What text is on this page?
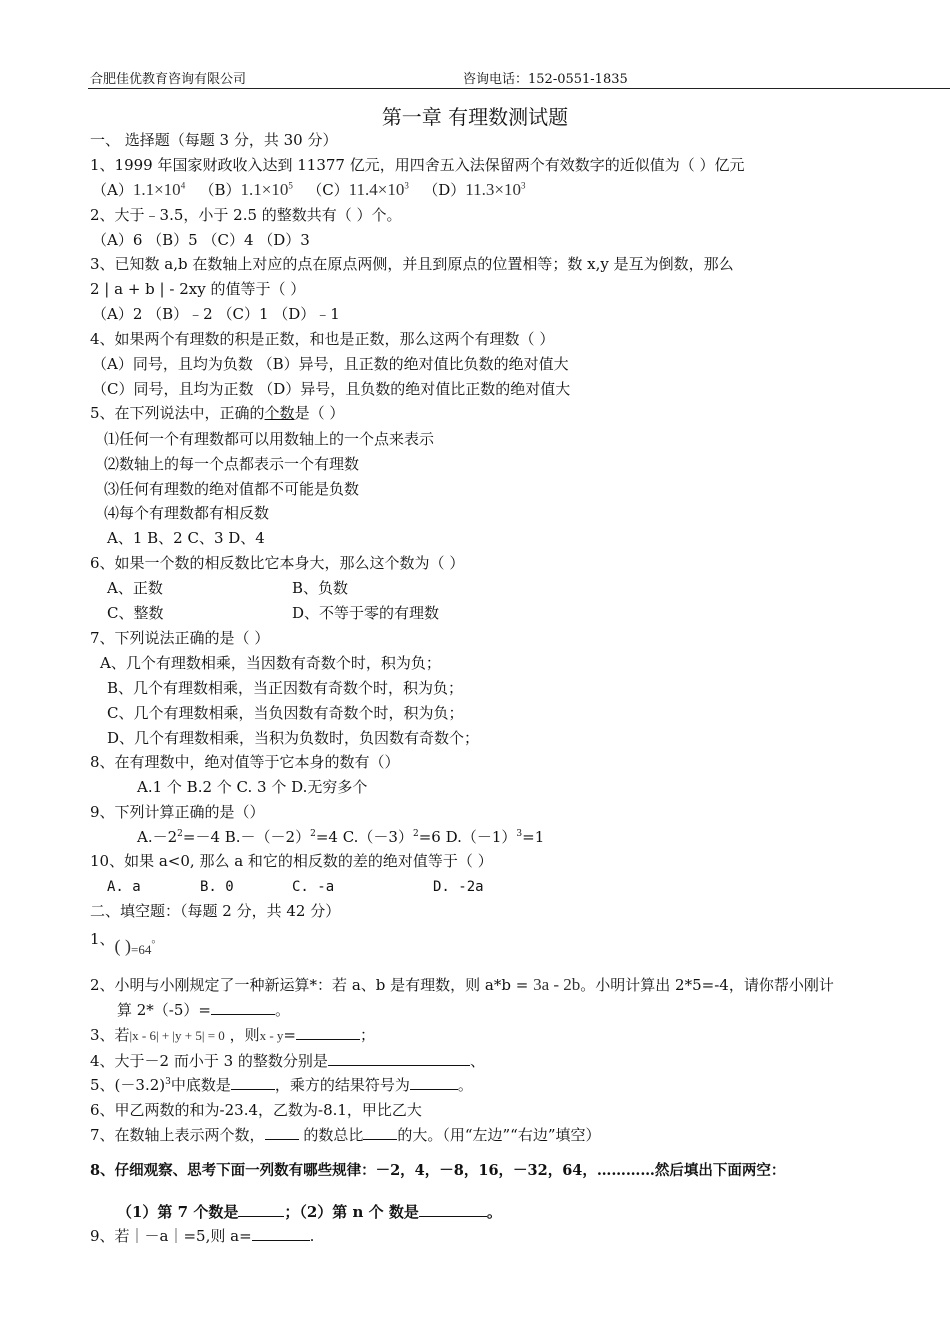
合肥佳优教育咨询有限公司	咨询电话：152-0551-1835
第一章 有理数测试题
一、 选择题（每题 3 分，共 30 分）
1、1999 年国家财政收入达到 11377 亿元，用四舍五入法保留两个有效数字的近似值为（ ）亿元
$(A)1.1\times 10^4$ $(B)1.1\times 10^5$ $(C)11.4\times 10^3$ $(D)11.3\times 10^3$
2、大于﹣3.5，小于 2.5 的整数共有（ ）个。
（A）6 （B）5 （C）4 （D）3
3、已知数 a,b 在数轴上对应的点在原点两侧，并且到原点的位置相等；数 x,y 是互为倒数，那么
2 | a + b | - 2xy 的值等于（ ）
（A）2 （B）﹣2 （C）1 （D）﹣1
4、如果两个有理数的积是正数，和也是正数，那么这两个有理数（ ）
（A）同号，且均为负数 （B）异号，且正数的绝对值比负数的绝对值大
（C）同号，且均为正数 （D）异号，且负数的绝对值比正数的绝对值大
5、在下列说法中，正确的个数是（ ）
⑴任何一个有理数都可以用数轴上的一个点来表示
⑵数轴上的每一个点都表示一个有理数
⑶任何有理数的绝对值都不可能是负数
⑷每个有理数都有相反数
A、1 B、2 C、3 D、4
6、如果一个数的相反数比它本身大，那么这个数为（ ）
A、正数	B、负数
C、整数	D、不等于零的有理数
7、下列说法正确的是（ ）
A、几个有理数相乘，当因数有奇数个时，积为负；
B、几个有理数相乘，当正因数有奇数个时，积为负；
C、几个有理数相乘，当负因数有奇数个时，积为负；
D、几个有理数相乘，当积为负数时，负因数有奇数个；
8、在有理数中，绝对值等于它本身的数有（）
A.1 个 B.2 个 C. 3 个 D.无穷多个
9、下列计算正确的是（）
$A.-2^2=-4$ $B.-(-2)^2=4$ $C.(-3)^2=6$ $D.(-1)^3=1$
10、如果 a<0, 那么 a 和它的相反数的差的绝对值等于（ ）
A. a	B. 0	C. -a	D. -2a
二、填空题：（每题 2 分，共 42 分）
1、( )=64。
2、小明与小刚规定了一种新运算*：若 a、b 是有理数，则 a*b = 3a - 2b。小明计算出 2*5=-4，请你帮小刚计
算 2*（-5）=	。
3、若|x - 6| + |y + 5| = 0 ，则x - y=	；
4、大于－2 而小于 3 的整数分别是	、
5、$(-3.2)^3$中底数是	，乘方的结果符号为	。
6、甲乙两数的和为-23.4，乙数为-8.1，甲比乙大
7、在数轴上表示两个数，	的数总比 的大。（用“左边”“右边”填空）
8、仔细观察、思考下面一列数有哪些规律：－2，4，－8，16，－32，64，…………然后填出下面两空：
（1）第 7 个数是	；（2）第 n 个 数是	。
9、若｜－a｜=5,则 a=	.
